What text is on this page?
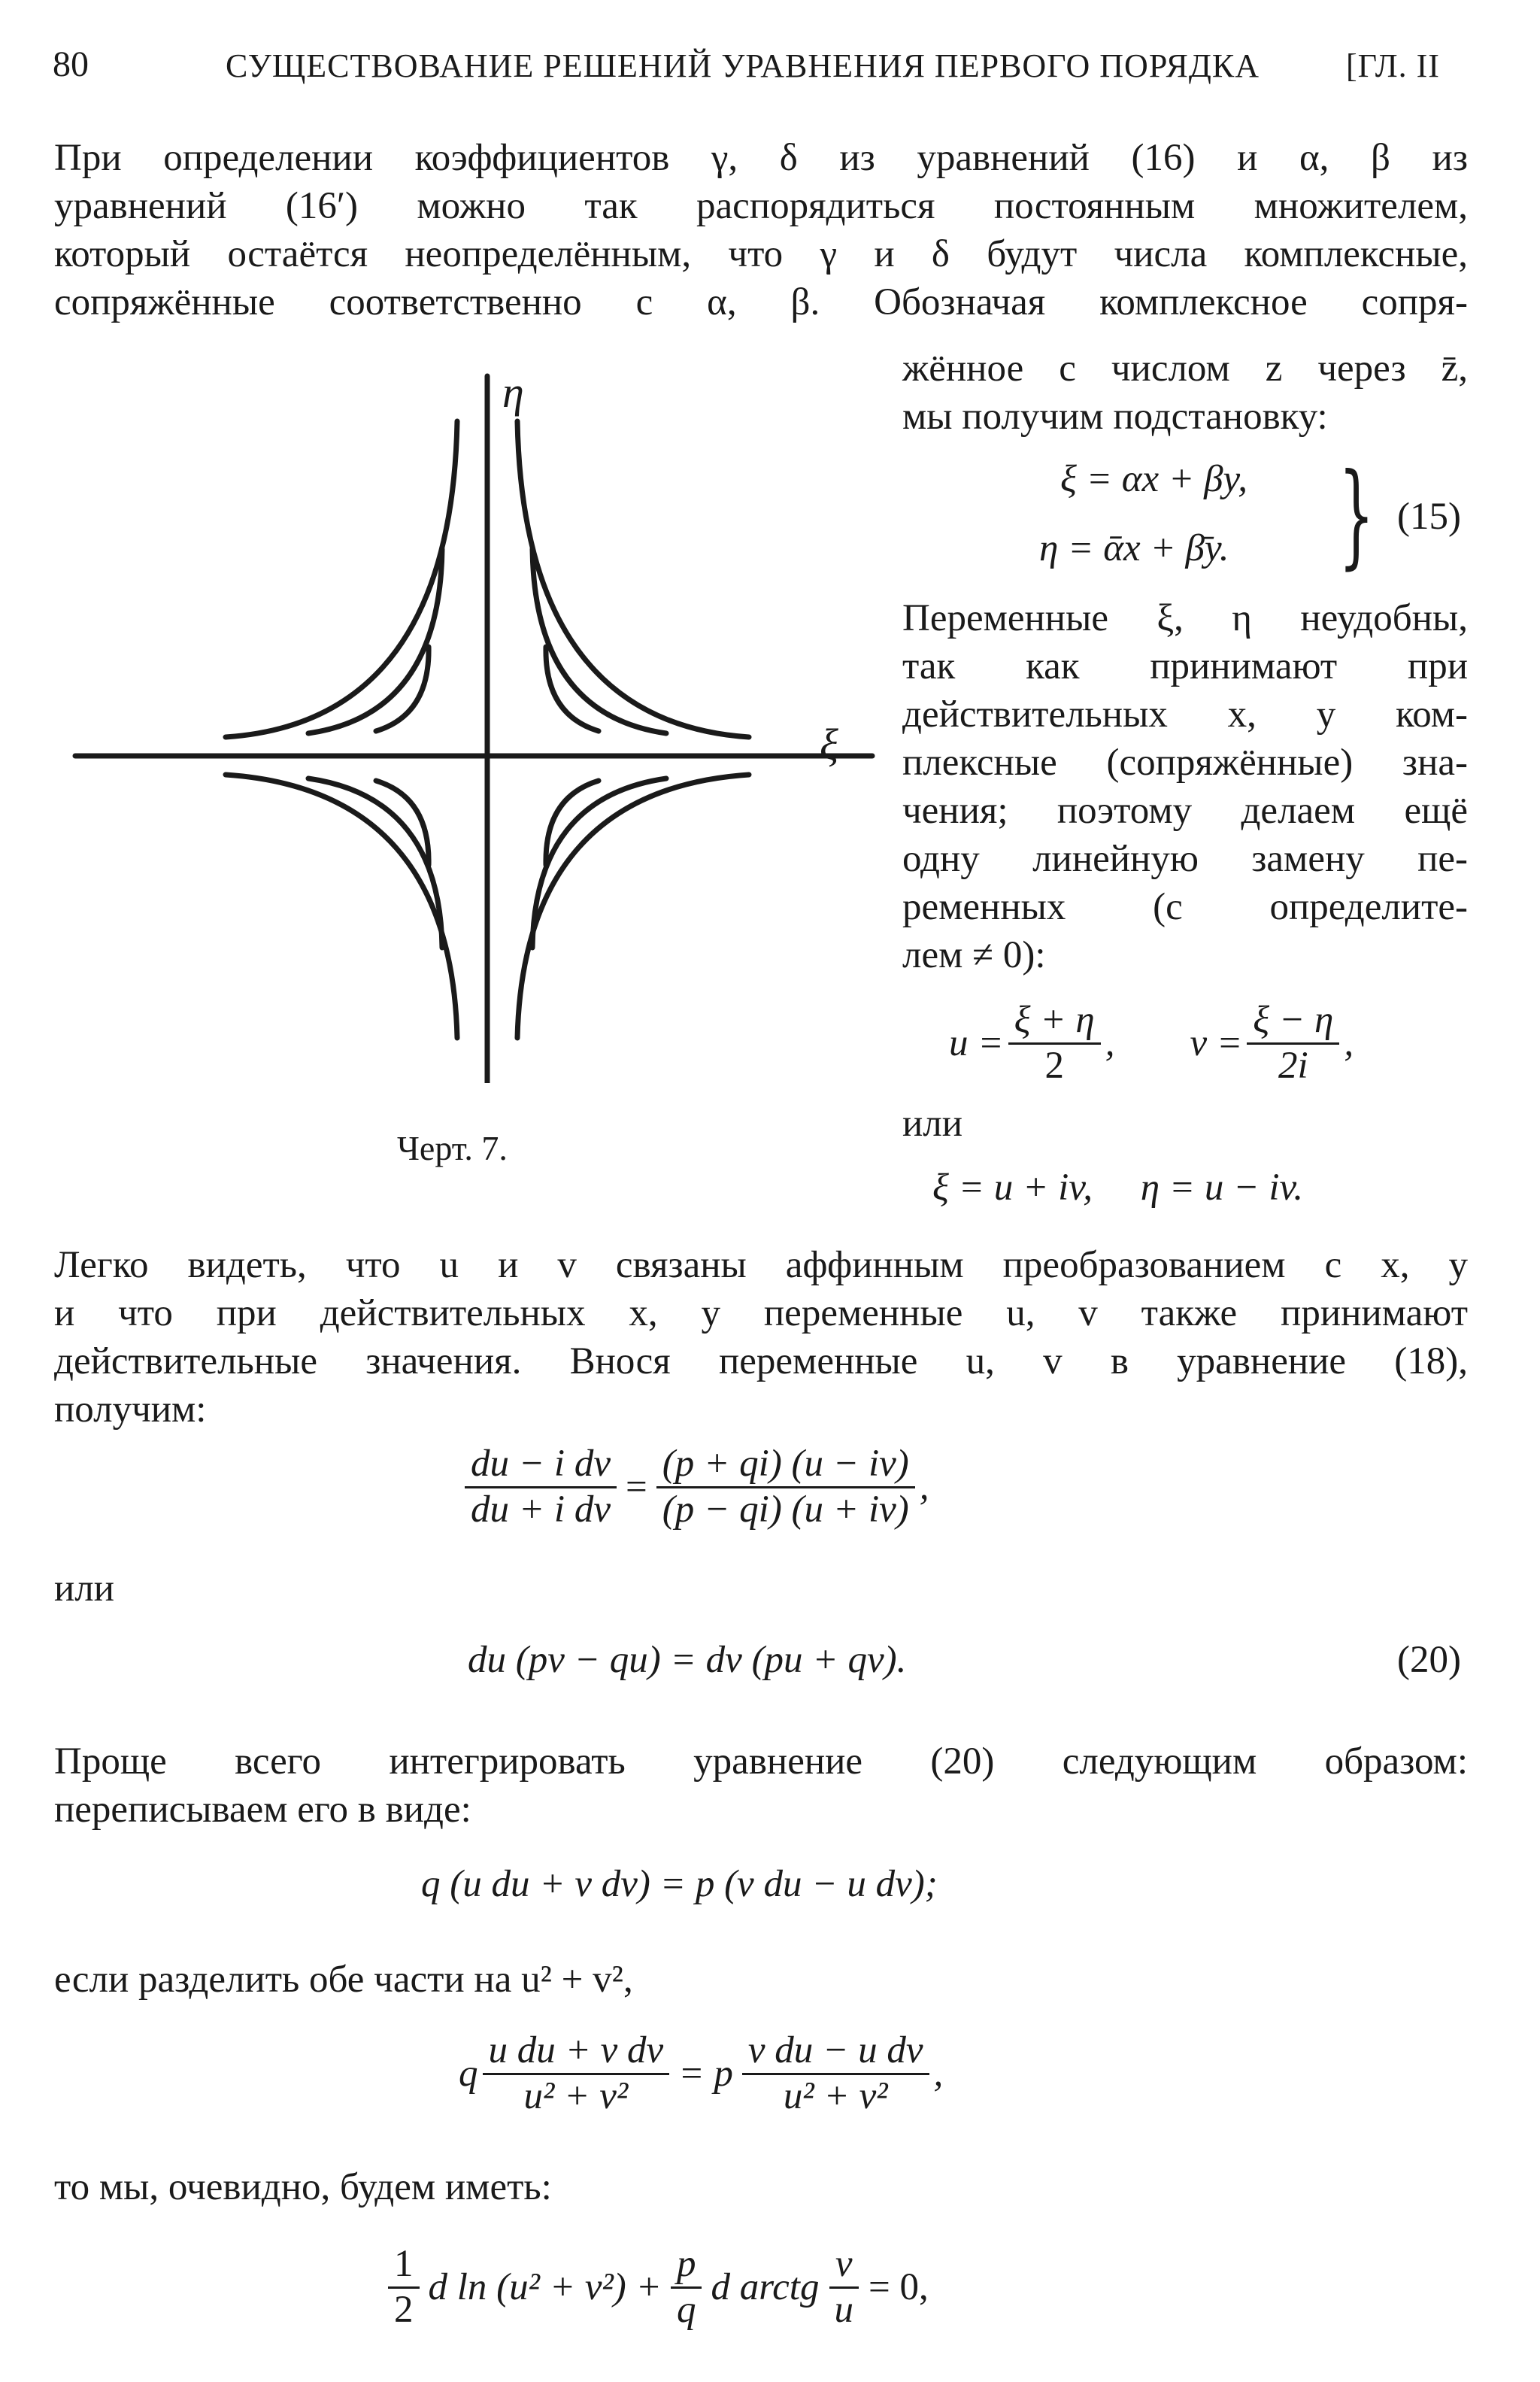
80	СУЩЕСТВОВАНИЕ РЕШЕНИЙ УРАВНЕНИЯ ПЕРВОГО ПОРЯДКА	[ГЛ. II
При определении коэффициентов γ, δ из уравнений (16) и α, β из
уравнений (16′) можно так распорядиться постоянным множителем,
который остаётся неопределённым, что γ и δ будут числа комплексные,
сопряжённые соответственно с α, β. Обозначая комплексное сопря-
η
ξ
Черт. 7.
жённое с числом z через z̄,
мы получим подстановку:
ξ = αx + βy,
η = ᾱx + β̄y. } (15)
Переменные ξ, η неудобны,
так как принимают при
действительных x, y ком-
плексные (сопряжённые) зна-
чения; поэтому делаем ещё
одну линейную замену пе-
ременных (с определите-
лем ≠ 0):
$u = \frac{\xi + \eta}{2}$ , $v = \frac{\xi - \eta}{2i}$ ,
или
ξ = u + iv,     η = u − iv.
Легко видеть, что u и v связаны аффинным преобразованием с x, y
и что при действительных x, y переменные u, v также принимают
действительные значения. Внося переменные u, v в уравнение (18),
получим:
$\frac{\text{du − i dv}}{\text{du + i dv}} = \frac{(p + qi) (u - iv)}{(p - qi) (u + iv)}$ ,
или
du (pv − qu) = dv (pu + qv).	(20)
Проще всего интегрировать уравнение (20) следующим образом:
переписываем его в виде:
q (u du + v dv) = p (v du − u dv);
если разделить обе части на u² + v²,
q $\frac{\text{u du + v dv}}{\text{u² + v²}} = p \frac{\text{v du − u dv}}{\text{u² + v²}}$ ,
то мы, очевидно, будем иметь:
$\frac{1}{2}$ d $\ln (u^2 + v^2) + \frac{p}{q}$ d arctg $\frac{v}{u} = 0$,
